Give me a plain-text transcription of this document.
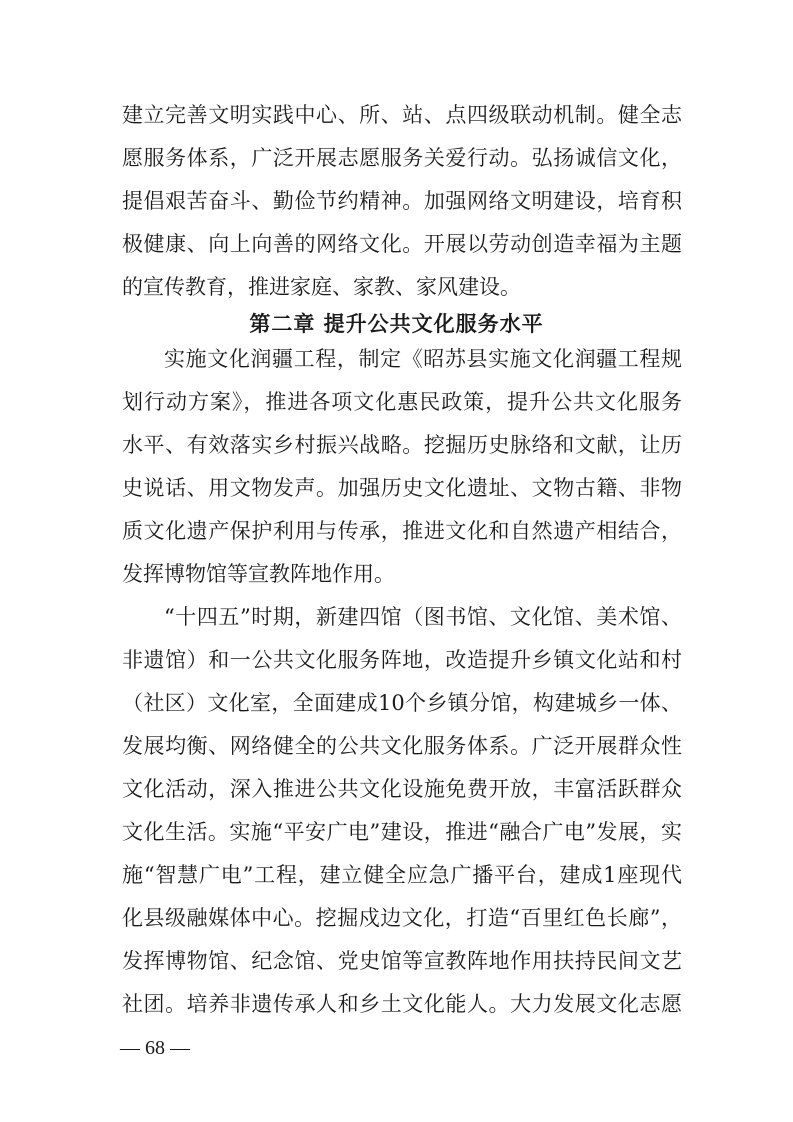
建立完善文明实践中心、所、站、点四级联动机制。健全志
愿服务体系，广泛开展志愿服务关爱行动。弘扬诚信文化，
提倡艰苦奋斗、勤俭节约精神。加强网络文明建设，培育积
极健康、向上向善的网络文化。开展以劳动创造幸福为主题
的宣传教育，推进家庭、家教、家风建设。
第二章 提升公共文化服务水平
实施文化润疆工程，制定《昭苏县实施文化润疆工程规
划行动方案》，推进各项文化惠民政策，提升公共文化服务
水平、有效落实乡村振兴战略。挖掘历史脉络和文献，让历
史说话、用文物发声。加强历史文化遗址、文物古籍、非物
质文化遗产保护利用与传承，推进文化和自然遗产相结合，
发挥博物馆等宣教阵地作用。
“十四五”时期，新建四馆（图书馆、文化馆、美术馆、
非遗馆）和一公共文化服务阵地，改造提升乡镇文化站和村
（社区）文化室，全面建成10个乡镇分馆，构建城乡一体、
发展均衡、网络健全的公共文化服务体系。广泛开展群众性
文化活动，深入推进公共文化设施免费开放，丰富活跃群众
文化生活。实施“平安广电”建设，推进“融合广电”发展，实
施“智慧广电”工程，建立健全应急广播平台，建成1座现代
化县级融媒体中心。挖掘戍边文化，打造“百里红色长廊”，
发挥博物馆、纪念馆、党史馆等宣教阵地作用扶持民间文艺
社团。培养非遗传承人和乡土文化能人。大力发展文化志愿
— 68 —
